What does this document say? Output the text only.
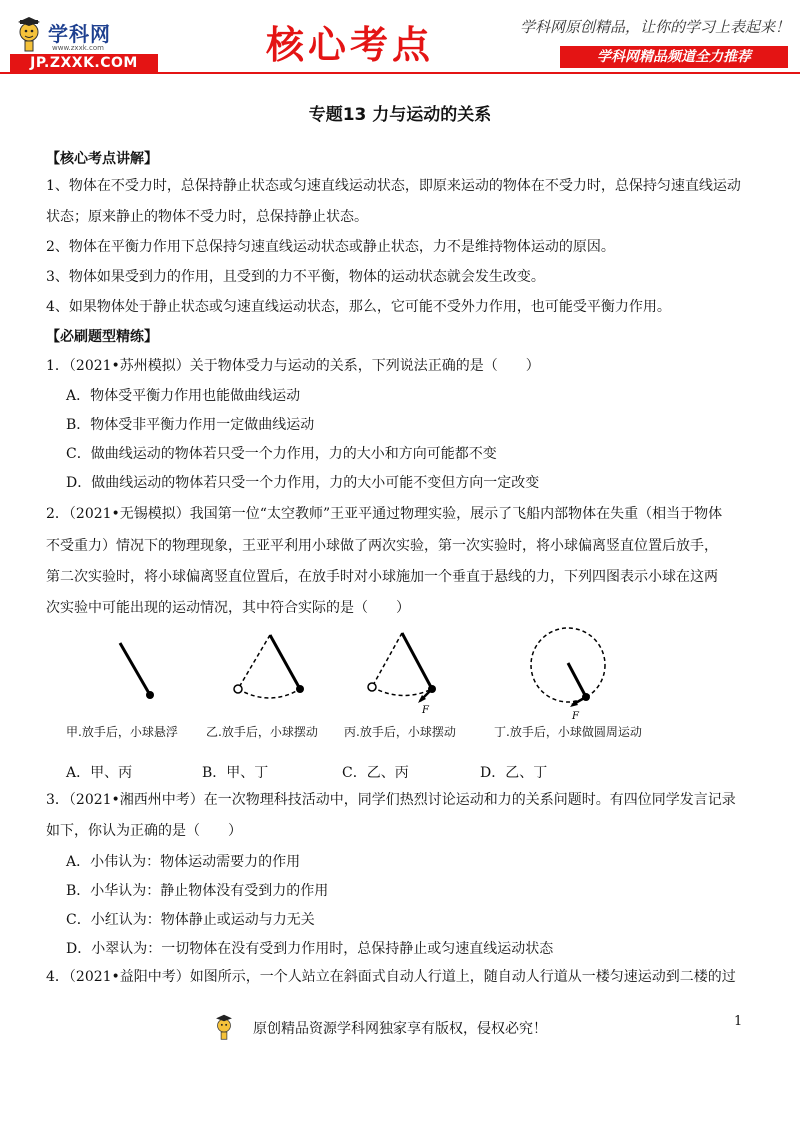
学科网
www.zxxk.com
JP.ZXXK.COM	核心考点	学科网原创精品，让你的学习上表起来！
学科网精品频道全力推荐
专题13 力与运动的关系
【核心考点讲解】
1、物体在不受力时，总保持静止状态或匀速直线运动状态，即原来运动的物体在不受力时，总保持匀速直线运动
状态；原来静止的物体不受力时，总保持静止状态。
2、物体在平衡力作用下总保持匀速直线运动状态或静止状态，力不是维持物体运动的原因。
3、物体如果受到力的作用，且受到的力不平衡，物体的运动状态就会发生改变。
4、如果物体处于静止状态或匀速直线运动状态，那么，它可能不受外力作用，也可能受平衡力作用。
【必刷题型精练】
1．（2021•苏州模拟）关于物体受力与运动的关系，下列说法正确的是（　　）
A．物体受平衡力作用也能做曲线运动
B．物体受非平衡力作用一定做曲线运动
C．做曲线运动的物体若只受一个力作用，力的大小和方向可能都不变
D．做曲线运动的物体若只受一个力作用，力的大小可能不变但方向一定改变
2．（2021•无锡模拟）我国第一位“太空教师”王亚平通过物理实验，展示了飞船内部物体在失重（相当于物体
不受重力）情况下的物理现象，王亚平利用小球做了两次实验，第一次实验时，将小球偏离竖直位置后放手，
第二次实验时，将小球偏离竖直位置后，在放手时对小球施加一个垂直于悬线的力，下列四图表示小球在这两
次实验中可能出现的运动情况，其中符合实际的是（　　）
F
F
甲.放手后，小球悬浮 乙.放手后，小球摆动 丙.放手后，小球摆动	丁.放手后，小球做圆周运动
A．甲、丙	B．甲、丁	C．乙、丙	D．乙、丁
3．（2021•湘西州中考）在一次物理科技活动中，同学们热烈讨论运动和力的关系问题时。有四位同学发言记录
如下，你认为正确的是（　　）
A．小伟认为：物体运动需要力的作用
B．小华认为：静止物体没有受到力的作用
C．小红认为：物体静止或运动与力无关
D．小翠认为：一切物体在没有受到力作用时，总保持静止或匀速直线运动状态
4．（2021•益阳中考）如图所示，一个人站立在斜面式自动人行道上，随自动人行道从一楼匀速运动到二楼的过
原创精品资源学科网独家享有版权，侵权必究！	1
